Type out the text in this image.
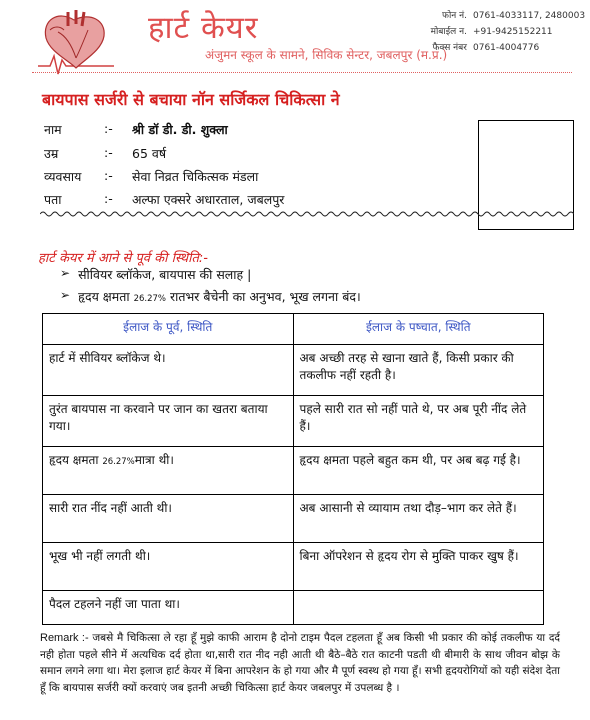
हार्ट केयर
अंजुमन स्कूल के सामने, सिविक सेन्टर, जबलपुर (म.प्र.)
फोन नं. 0761-4033117, 2480003
मोबाईल न. +91-9425152211
फैक्स नंबर 0761-4004776
बायपास सर्जरी से बचाया नॉन सर्जिकल चिकित्सा ने
नाम	:-	श्री डॉ डी. डी. शुक्ला
उम्र	:-	65 वर्ष
व्यवसाय	:-	सेवा निव्रत चिकित्सक मंडला
पता	:-	अल्फा एक्सरे अधारताल, जबलपुर
हार्ट केयर में आने से पूर्व की स्थिति:-
➢ सीवियर ब्लॉकेज, बायपास की सलाह |
➢ हृदय क्षमता 26.27% रातभर बैचेनी का अनुभव, भूख लगना बंद।
ईलाज के पूर्व, स्थिति	ईलाज के पष्चात, स्थिति
हार्ट में सीवियर ब्लॉकेज थे।	अब अच्छी तरह से खाना खाते हैं, किसी प्रकार की तकलीफ नहीं रहती है।
तुरंत बायपास ना करवाने पर जान का खतरा बताया गया।	पहले सारी रात सो नहीं पाते थे, पर अब पूरी नींद लेते हैं।
हृदय क्षमता 26.27%मात्रा थी।	हृदय क्षमता पहले बहुत कम थी, पर अब बढ़ गई है।
सारी रात नींद नहीं आती थी।	अब आसानी से व्यायाम तथा दौड़–भाग कर लेते हैं।
भूख भी नहीं लगती थी।	बिना ऑपरेशन से हृदय रोग से मुक्ति पाकर खुष हैं।
पैदल टहलने नहीं जा पाता था।	
Remark :- जबसे मै चिकित्सा ले रहा हूँ मुझे काफी आराम है दोनो टाइम पैदल टहलता हूँ अब किसी भी प्रकार की कोई तकलीफ या दर्द नही होता पहले सीने में अत्यधिक दर्द होता था,सारी रात नीद नही आती थी बैठे–बैठे रात काटनी पडती थी बीमारी के साथ जीवन बोझ के समान लगने लगा था। मेरा इलाज हार्ट केयर में बिना आपरेशन के हो गया और मै पूर्ण स्वस्थ हो गया हूँ। सभी हृदयरोगियों को यही संदेश देता हूँ कि बायपास सर्जरी क्यों करवाएं जब इतनी अच्छी चिकित्सा हार्ट केयर जबलपुर में उपलब्ध है ।
